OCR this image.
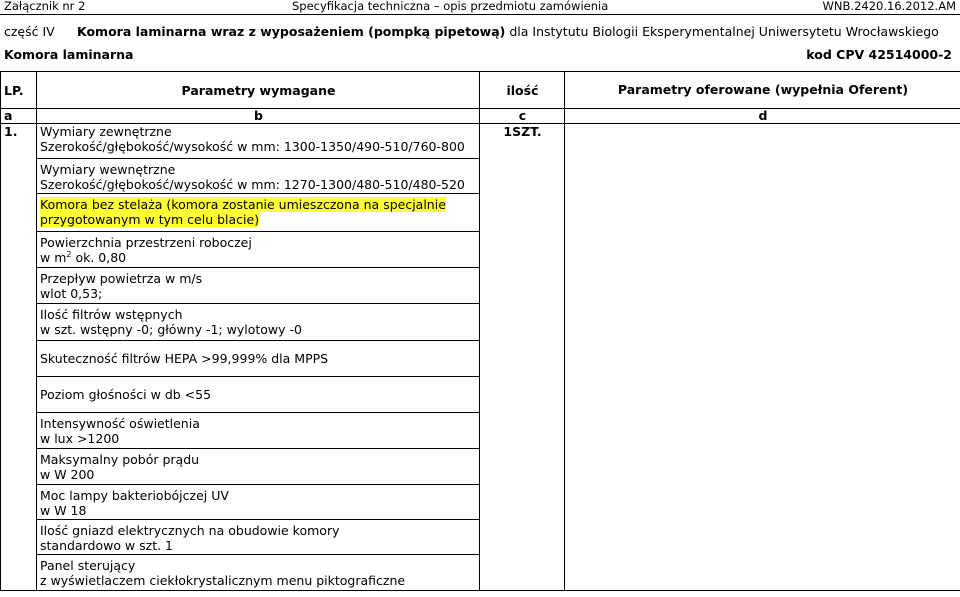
Załącznik nr 2	Specyfikacja techniczna – opis przedmiotu zamówienia	WNB.2420.16.2012.AM
część IV Komora laminarna wraz z wyposażeniem (pompką pipetową) dla Instytutu Biologii Eksperymentalnej Uniwersytetu Wrocławskiego
Komora laminarna	kod CPV 42514000-2
LP.	Parametry wymagane	ilość	Parametry oferowane (wypełnia Oferent)
a	b	c	d
1.	Wymiary zewnętrzne
Szerokość/głębokość/wysokość w mm: 1300-1350/490-510/760-800	1SZT.	

	Wymiary wewnętrzne
Szerokość/głębokość/wysokość w mm: 1270-1300/480-510/480-520		

	Komora bez stelaża (komora zostanie umieszczona na specjalnie
przygotowanym w tym celu blacie)		

	Powierzchnia przestrzeni roboczej
w $m^2$ ok. 0,80		

	Przepływ powietrza w m/s
wlot 0,53;		

	Ilość filtrów wstępnych
w szt. wstępny -0; główny -1; wylotowy -0		

	Skuteczność filtrów HEPA >99,999% dla MPPS		

	Poziom głośności w db <55		

	Intensywność oświetlenia
w lux >1200		

	Maksymalny pobór prądu
w W 200		

	Moc lampy bakteriobójczej UV
w W 18		

	Ilość gniazd elektrycznych na obudowie komory
standardowo w szt. 1		

	Panel sterujący
z wyświetlaczem ciekłokrystalicznym menu piktograficzne		
